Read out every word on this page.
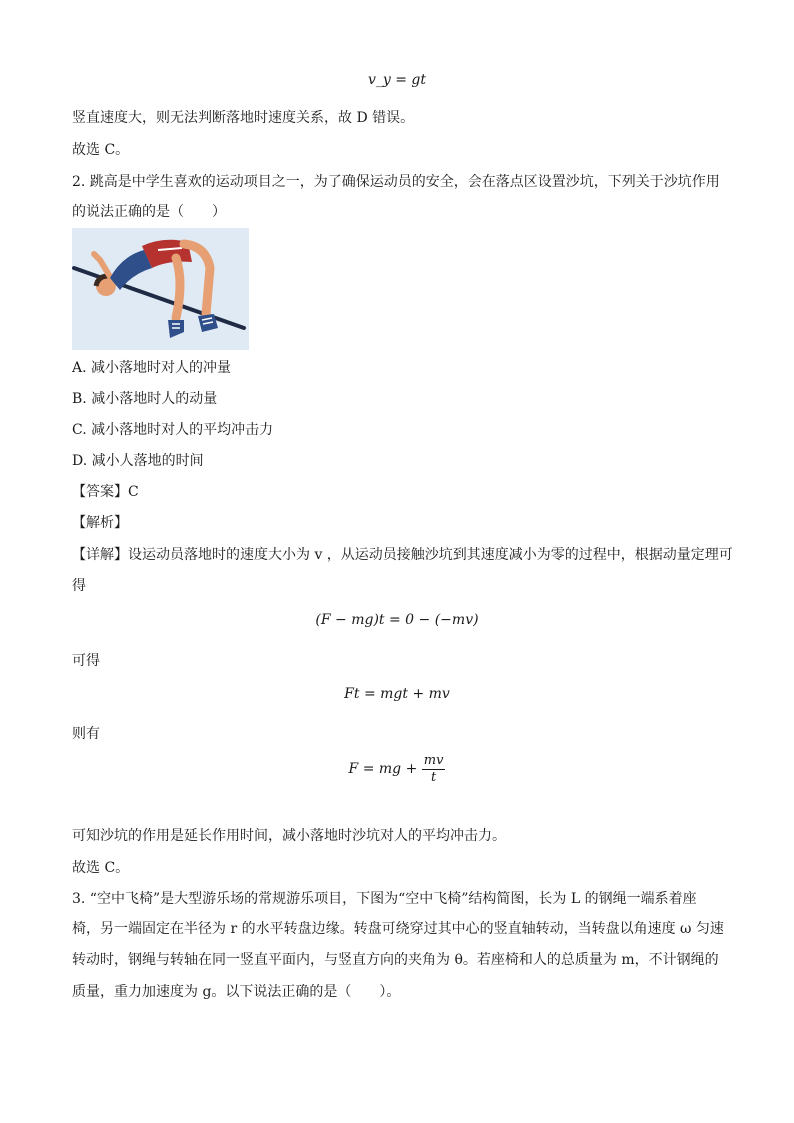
v_y = gt
竖直速度大，则无法判断落地时速度关系，故 D 错误。
故选 C。
2. 跳高是中学生喜欢的运动项目之一，为了确保运动员的安全，会在落点区设置沙坑，下列关于沙坑作用
的说法正确的是（　　）
A. 减小落地时对人的冲量
B. 减小落地时人的动量
C. 减小落地时对人的平均冲击力
D. 减小人落地的时间
【答案】C
【解析】
【详解】设运动员落地时的速度大小为 v ，从运动员接触沙坑到其速度减小为零的过程中，根据动量定理可
得
(F − mg)t = 0 − (−mv)
可得
Ft = mgt + mv
则有
F = mg + $\frac{mv}{t}$
可知沙坑的作用是延长作用时间，减小落地时沙坑对人的平均冲击力。
故选 C。
3. “空中飞椅”是大型游乐场的常规游乐项目，下图为“空中飞椅”结构简图，长为 L 的钢绳一端系着座
椅，另一端固定在半径为 r 的水平转盘边缘。转盘可绕穿过其中心的竖直轴转动，当转盘以角速度 ω 匀速
转动时，钢绳与转轴在同一竖直平面内，与竖直方向的夹角为 θ。若座椅和人的总质量为 m，不计钢绳的
质量，重力加速度为 g。以下说法正确的是（　　）。
